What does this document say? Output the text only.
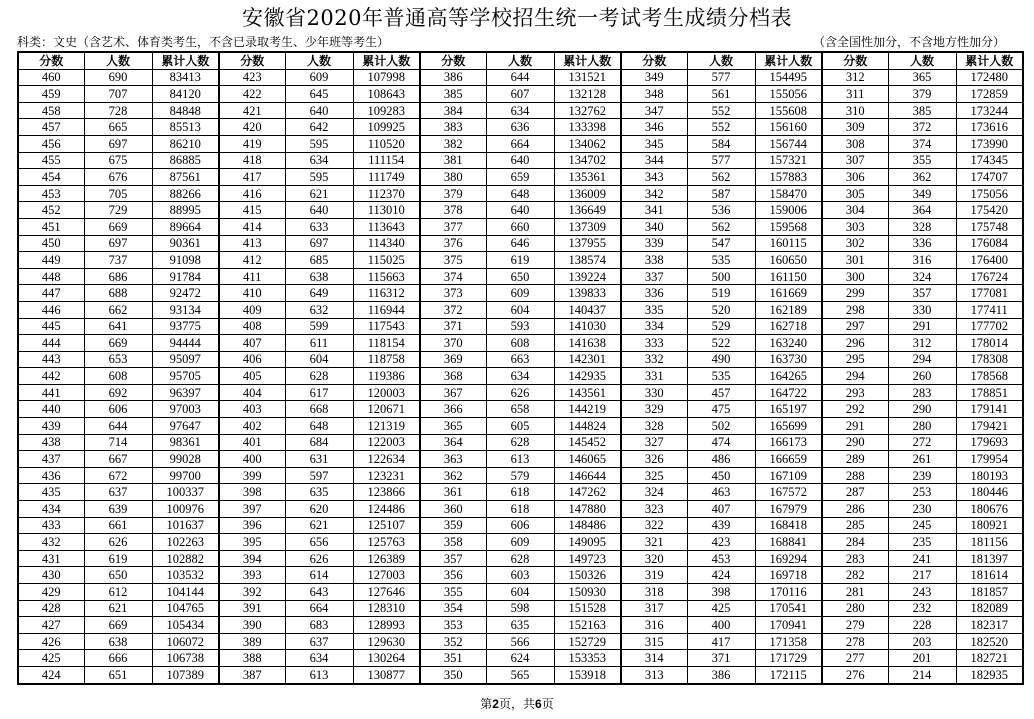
安徽省2020年普通高等学校招生统一考试考生成绩分档表
科类：文史（含艺术、体育类考生，不含已录取考生、少年班等考生）	（含全国性加分，不含地方性加分）
分数	人数	累计人数	分数	人数	累计人数	分数	人数	累计人数	分数	人数	累计人数	分数	人数	累计人数
460	690	83413	423	609	107998	386	644	131521	349	577	154495	312	365	172480
459	707	84120	422	645	108643	385	607	132128	348	561	155056	311	379	172859
458	728	84848	421	640	109283	384	634	132762	347	552	155608	310	385	173244
457	665	85513	420	642	109925	383	636	133398	346	552	156160	309	372	173616
456	697	86210	419	595	110520	382	664	134062	345	584	156744	308	374	173990
455	675	86885	418	634	111154	381	640	134702	344	577	157321	307	355	174345
454	676	87561	417	595	111749	380	659	135361	343	562	157883	306	362	174707
453	705	88266	416	621	112370	379	648	136009	342	587	158470	305	349	175056
452	729	88995	415	640	113010	378	640	136649	341	536	159006	304	364	175420
451	669	89664	414	633	113643	377	660	137309	340	562	159568	303	328	175748
450	697	90361	413	697	114340	376	646	137955	339	547	160115	302	336	176084
449	737	91098	412	685	115025	375	619	138574	338	535	160650	301	316	176400
448	686	91784	411	638	115663	374	650	139224	337	500	161150	300	324	176724
447	688	92472	410	649	116312	373	609	139833	336	519	161669	299	357	177081
446	662	93134	409	632	116944	372	604	140437	335	520	162189	298	330	177411
445	641	93775	408	599	117543	371	593	141030	334	529	162718	297	291	177702
444	669	94444	407	611	118154	370	608	141638	333	522	163240	296	312	178014
443	653	95097	406	604	118758	369	663	142301	332	490	163730	295	294	178308
442	608	95705	405	628	119386	368	634	142935	331	535	164265	294	260	178568
441	692	96397	404	617	120003	367	626	143561	330	457	164722	293	283	178851
440	606	97003	403	668	120671	366	658	144219	329	475	165197	292	290	179141
439	644	97647	402	648	121319	365	605	144824	328	502	165699	291	280	179421
438	714	98361	401	684	122003	364	628	145452	327	474	166173	290	272	179693
437	667	99028	400	631	122634	363	613	146065	326	486	166659	289	261	179954
436	672	99700	399	597	123231	362	579	146644	325	450	167109	288	239	180193
435	637	100337	398	635	123866	361	618	147262	324	463	167572	287	253	180446
434	639	100976	397	620	124486	360	618	147880	323	407	167979	286	230	180676
433	661	101637	396	621	125107	359	606	148486	322	439	168418	285	245	180921
432	626	102263	395	656	125763	358	609	149095	321	423	168841	284	235	181156
431	619	102882	394	626	126389	357	628	149723	320	453	169294	283	241	181397
430	650	103532	393	614	127003	356	603	150326	319	424	169718	282	217	181614
429	612	104144	392	643	127646	355	604	150930	318	398	170116	281	243	181857
428	621	104765	391	664	128310	354	598	151528	317	425	170541	280	232	182089
427	669	105434	390	683	128993	353	635	152163	316	400	170941	279	228	182317
426	638	106072	389	637	129630	352	566	152729	315	417	171358	278	203	182520
425	666	106738	388	634	130264	351	624	153353	314	371	171729	277	201	182721
424	651	107389	387	613	130877	350	565	153918	313	386	172115	276	214	182935
第2页，共6页
